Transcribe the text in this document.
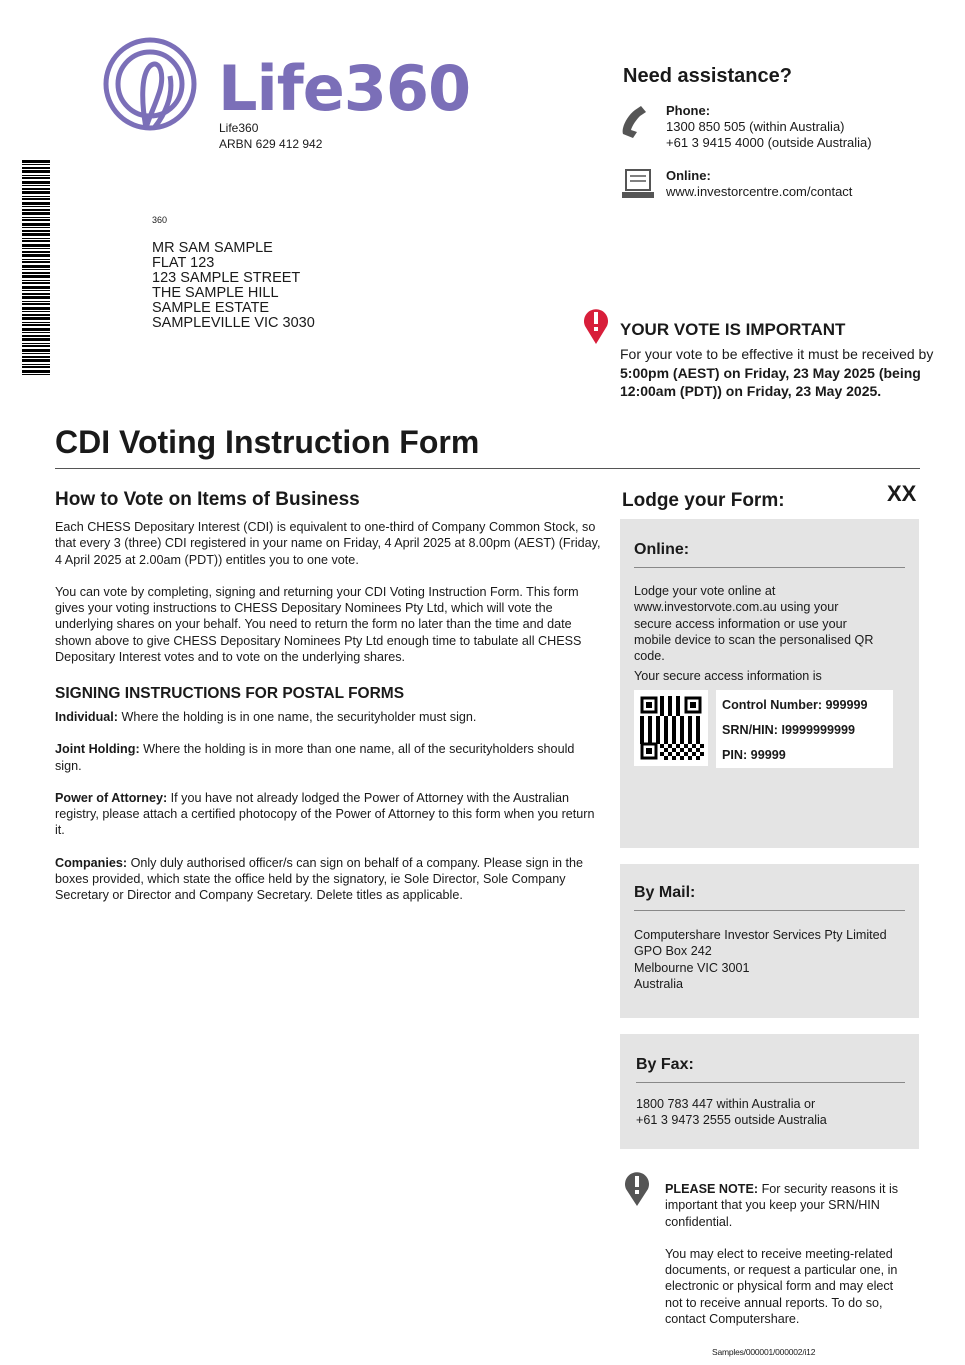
Life360
Life360
ARBN 629 412 942
360
MR SAM SAMPLE
FLAT 123
123 SAMPLE STREET
THE SAMPLE HILL
SAMPLE ESTATE
SAMPLEVILLE VIC 3030
Need assistance?
Phone:
1300 850 505 (within Australia)
+61 3 9415 4000 (outside Australia)
Online:
www.investorcentre.com/contact
YOUR VOTE IS IMPORTANT
For your vote to be effective it must be received by 5:00pm (AEST) on Friday, 23 May 2025 (being 12:00am (PDT)) on Friday, 23 May 2025.
CDI Voting Instruction Form
How to Vote on Items of Business

Each CHESS Depositary Interest (CDI) is equivalent to one-third of Company Common Stock, so that every 3 (three) CDI registered in your name on Friday, 4 April 2025 at 8.00pm (AEST) (Friday, 4 April 2025 at 2.00am (PDT)) entitles you to one vote.

You can vote by completing, signing and returning your CDI Voting Instruction Form. This form gives your voting instructions to CHESS Depositary Nominees Pty Ltd, which will vote the underlying shares on your behalf. You need to return the form no later than the time and date shown above to give CHESS Depositary Nominees Pty Ltd enough time to tabulate all CHESS Depositary Interest votes and to vote on the underlying shares.

SIGNING INSTRUCTIONS FOR POSTAL FORMS

Individual: Where the holding is in one name, the securityholder must sign.

Joint Holding: Where the holding is in more than one name, all of the securityholders should sign.

Power of Attorney: If you have not already lodged the Power of Attorney with the Australian registry, please attach a certified photocopy of the Power of Attorney to this form when you return it.

Companies: Only duly authorised officer/s can sign on behalf of a company. Please sign in the boxes provided, which state the office held by the signatory, ie Sole Director, Sole Company Secretary or Director and Company Secretary. Delete titles as applicable.

Lodge your Form:	XX
Online:

Lodge your vote online at www.investorvote.com.au using your secure access information or use your mobile device to scan the personalised QR code.

Your secure access information is

Control Number: 999999
SRN/HIN: I9999999999
PIN: 99999
By Mail:
Computershare Investor Services Pty Limited
GPO Box 242
Melbourne VIC 3001
Australia
By Fax:
1800 783 447 within Australia or
+61 3 9473 2555 outside Australia

PLEASE NOTE: For security reasons it is important that you keep your SRN/HIN confidential.

You may elect to receive meeting-related documents, or request a particular one, in electronic or physical form and may elect not to receive annual reports. To do so, contact Computershare.

Samples/000001/000002/i12
